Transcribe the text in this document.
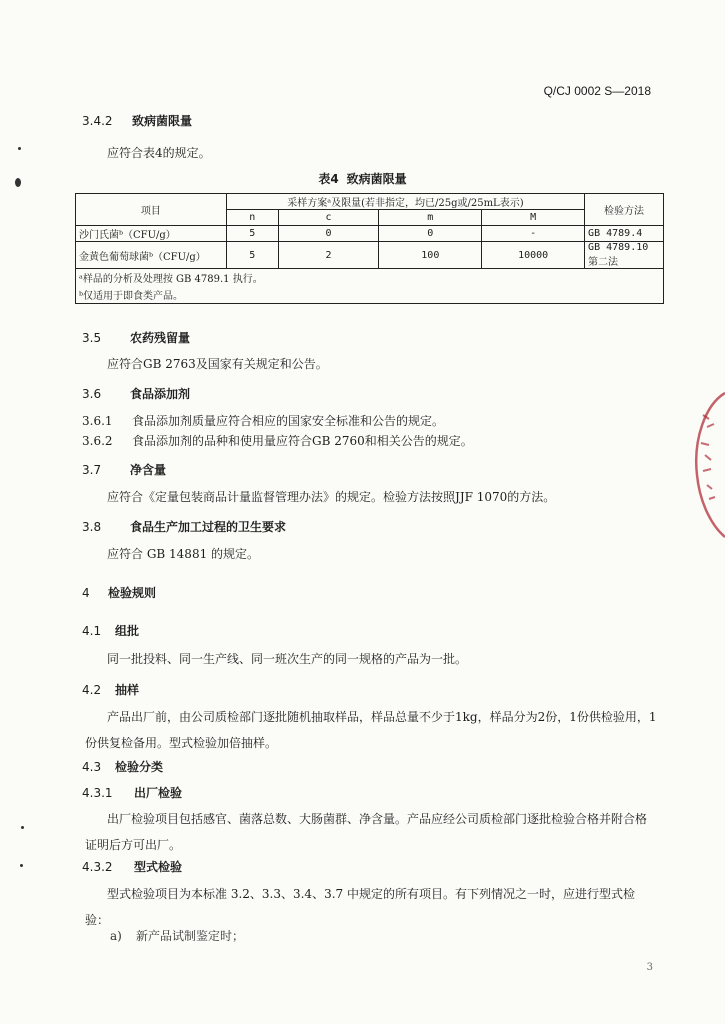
Q/CJ 0002 S—2018
3.4.2 致病菌限量
应符合表4的规定。
表4 致病菌限量
项目	采样方案ᵃ及限量(若非指定，均已/25g或/25mL表示)				检验方法
	n	c	m	M	
沙门氏菌ᵇ（CFU/g）	5	0	0	-	GB 4789.4
金黄色葡萄球菌ᵇ（CFU/g）	5	2	100	10000	GB 4789.10 第二法
ᵃ样品的分析及处理按 GB 4789.1 执行。					
ᵇ仅适用于即食类产品。					
3.5 农药残留量
应符合GB 2763及国家有关规定和公告。
3.6 食品添加剂
3.6.1 食品添加剂质量应符合相应的国家安全标准和公告的规定。
3.6.2 食品添加剂的品种和使用量应符合GB 2760和相关公告的规定。
3.7 净含量
应符合《定量包装商品计量监督管理办法》的规定。检验方法按照JJF 1070的方法。
3.8 食品生产加工过程的卫生要求
应符合 GB 14881 的规定。
4 检验规则
4.1 组批
同一批投料、同一生产线、同一班次生产的同一规格的产品为一批。
4.2 抽样
产品出厂前，由公司质检部门逐批随机抽取样品，样品总量不少于1kg，样品分为2份，1份供检验用，1份供复检备用。型式检验加倍抽样。
4.3 检验分类
4.3.1 出厂检验
出厂检验项目包括感官、菌落总数、大肠菌群、净含量。产品应经公司质检部门逐批检验合格并附合格证明后方可出厂。
4.3.2 型式检验
型式检验项目为本标准 3.2、3.3、3.4、3.7 中规定的所有项目。有下列情况之一时，应进行型式检验：
a) 新产品试制鉴定时；
3
